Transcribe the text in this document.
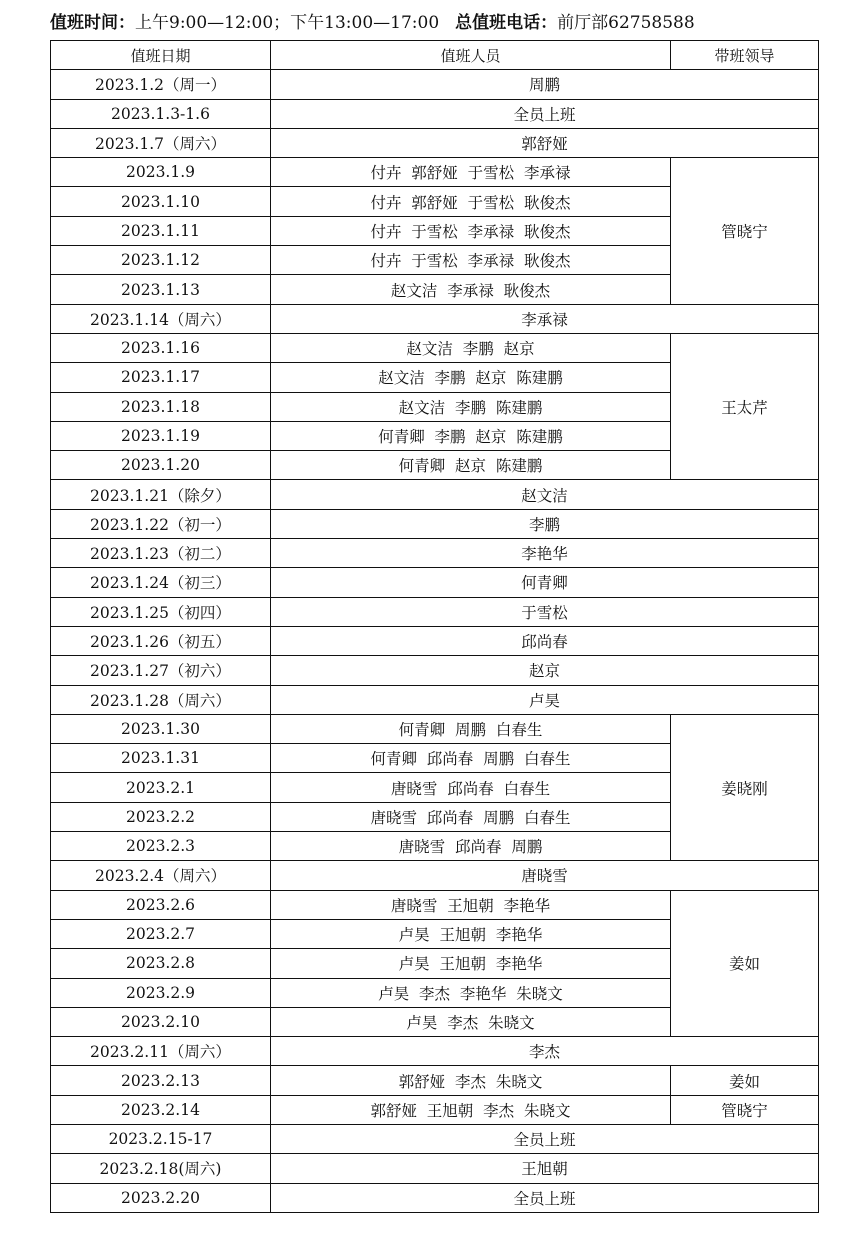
值班时间：上午9:00—12:00；下午13:00—17:00 总值班电话：前厅部62758588
值班日期	值班人员	带班领导
2023.1.2（周一）	周鹏	
2023.1.3-1.6	全员上班	
2023.1.7（周六）	郭舒娅	
2023.1.9	付卉  郭舒娅  于雪松  李承禄	管晓宁
2023.1.10	付卉  郭舒娅  于雪松  耿俊杰	
2023.1.11	付卉  于雪松  李承禄  耿俊杰	
2023.1.12	付卉  于雪松  李承禄  耿俊杰	
2023.1.13	赵文洁  李承禄  耿俊杰	
2023.1.14（周六）	李承禄	
2023.1.16	赵文洁  李鹏  赵京	王太芹
2023.1.17	赵文洁  李鹏  赵京  陈建鹏	
2023.1.18	赵文洁  李鹏  陈建鹏	
2023.1.19	何青卿  李鹏  赵京  陈建鹏	
2023.1.20	何青卿  赵京  陈建鹏	
2023.1.21（除夕）	赵文洁	
2023.1.22（初一）	李鹏	
2023.1.23（初二）	李艳华	
2023.1.24（初三）	何青卿	
2023.1.25（初四）	于雪松	
2023.1.26（初五）	邱尚春	
2023.1.27（初六）	赵京	
2023.1.28（周六）	卢昊	
2023.1.30	何青卿  周鹏  白春生	姜晓刚
2023.1.31	何青卿  邱尚春  周鹏  白春生	
2023.2.1	唐晓雪  邱尚春  白春生	
2023.2.2	唐晓雪  邱尚春  周鹏  白春生	
2023.2.3	唐晓雪  邱尚春  周鹏	
2023.2.4（周六）	唐晓雪	
2023.2.6	唐晓雪  王旭朝  李艳华	姜如
2023.2.7	卢昊  王旭朝  李艳华	
2023.2.8	卢昊  王旭朝  李艳华	
2023.2.9	卢昊  李杰  李艳华  朱晓文	
2023.2.10	卢昊  李杰  朱晓文	
2023.2.11（周六）	李杰	
2023.2.13	郭舒娅  李杰  朱晓文	姜如
2023.2.14	郭舒娅  王旭朝  李杰  朱晓文	管晓宁
2023.2.15-17	全员上班	
2023.2.18(周六)	王旭朝	
2023.2.20	全员上班	
